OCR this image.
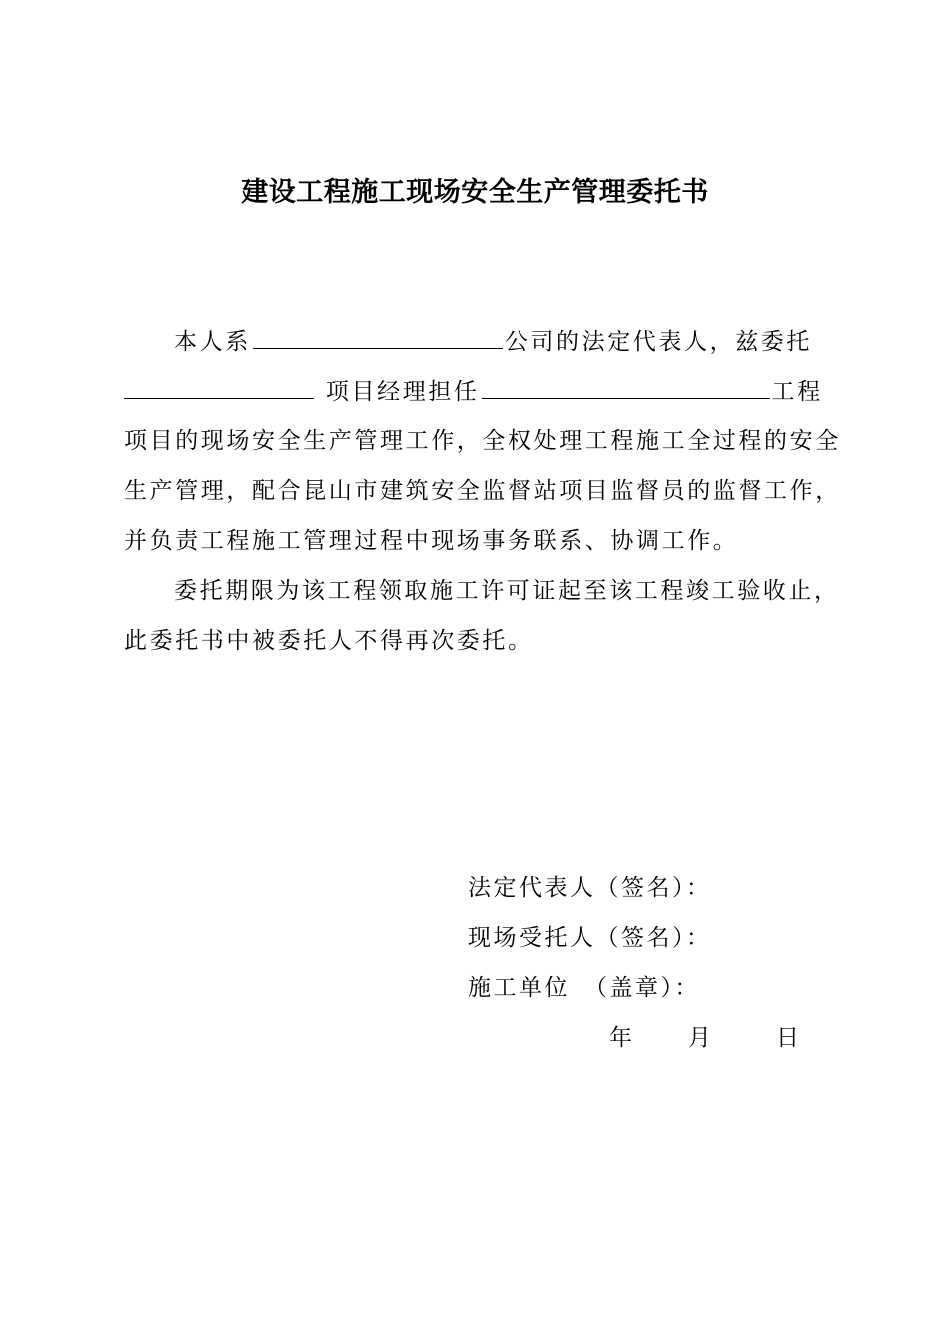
建设工程施工现场安全生产管理委托书
本人系	公司的法定代表人，兹委托
项目经理担任	工程
项目的现场安全生产管理工作，全权处理工程施工全过程的安全
生产管理，配合昆山市建筑安全监督站项目监督员的监督工作，
并负责工程施工管理过程中现场事务联系、协调工作。
委托期限为该工程领取施工许可证起至该工程竣工验收止，
此委托书中被委托人不得再次委托。
法定代表人（签名）：
现场受托人（签名）：
施工单位　（盖章）：
年 月	日
